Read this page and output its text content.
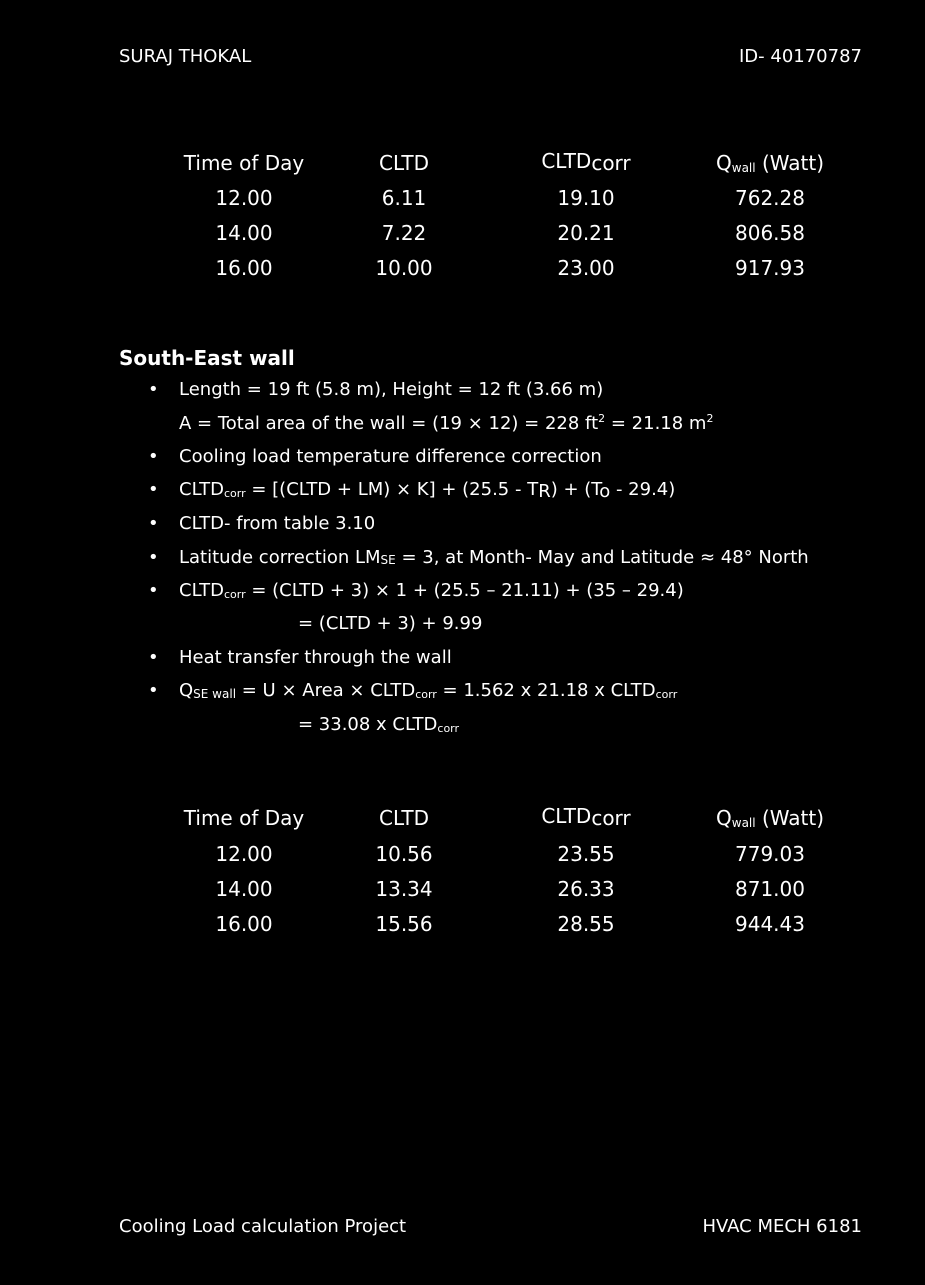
SURAJ THOKAL	ID- 40170787
Time of Day	CLTD	CLTDcorr	$Q_{wall}$ (Watt)
12.00	6.11	19.10	762.28
14.00	7.22	20.21	806.58
16.00	10.00	23.00	917.93
South-East wall
• Length = 19 ft (5.8 m), Height = 12 ft (3.66 m)
A = Total area of the wall = (19 × 12) = 228 $ft^2 = 21.18$ $m^2$
• Cooling load temperature difference correction
• $CLTD_{corr}$ = [(CLTD + LM) × K] + (25.5 - TR) + (To - 29.4)
• CLTD- from table 3.10
• Latitude correction $LM_{SE} = 3$, at Month- May and Latitude ≈ 48° North
• $CLTD_{corr}$ = (CLTD + 3) × 1 + (25.5 – 21.11) + (35 – 29.4)
= (CLTD + 3) + 9.99
• Heat transfer through the wall
• $Q_{SE wall} = U$ × Area × $CLTD_{corr} = 1.562$ x 21.18 x $CLTD_{corr}$
= 33.08 x $CLTD_{corr}$
Time of Day	CLTD	CLTDcorr	$Q_{wall}$ (Watt)
12.00	10.56	23.55	779.03
14.00	13.34	26.33	871.00
16.00	15.56	28.55	944.43
Cooling Load calculation Project	HVAC MECH 6181
